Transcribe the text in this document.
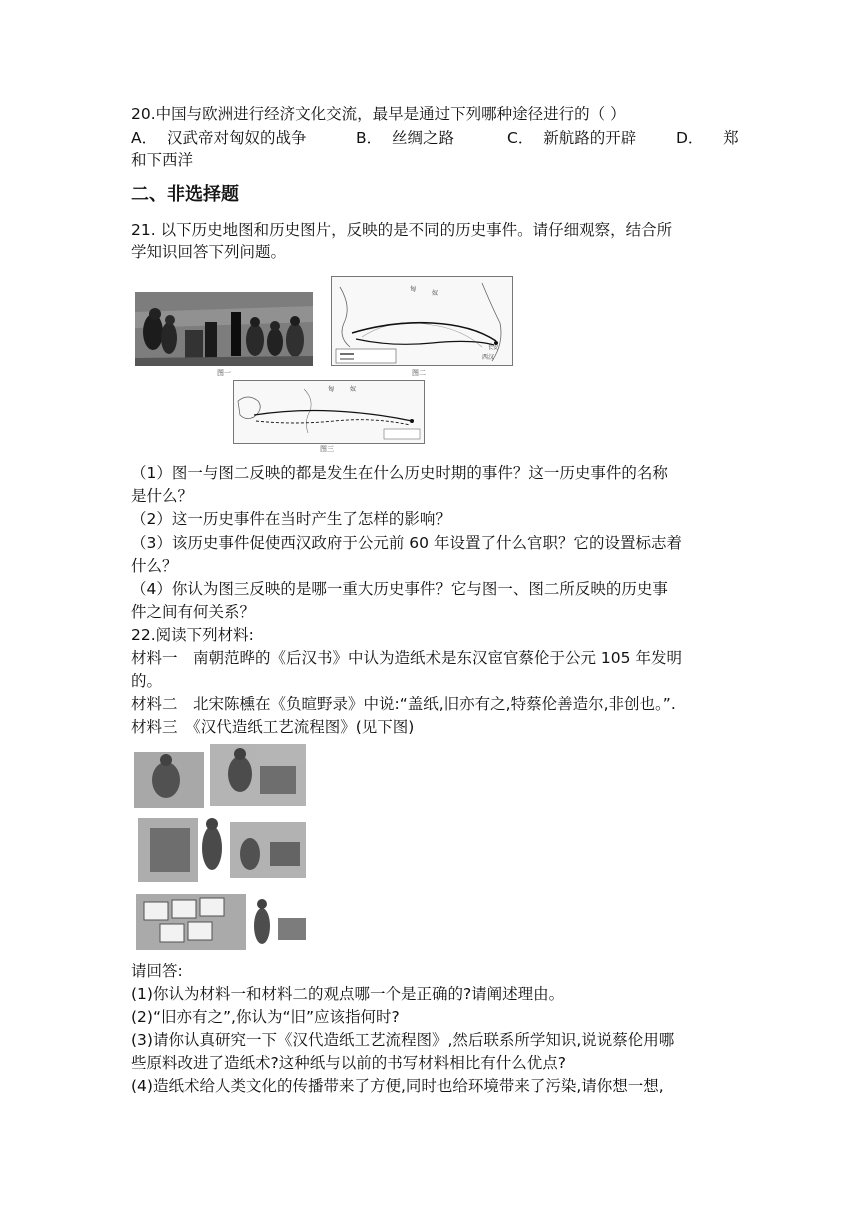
20.中国与欧洲进行经济文化交流，最早是通过下列哪种途径进行的（ ）
A． 汉武帝对匈奴的战争	B． 丝绸之路	C． 新航路的开辟	D． 郑
和下西洋
二、非选择题
21. 以下历史地图和历史图片，反映的是不同的历史事件。请仔细观察，结合所
学知识回答下列问题。
图一
匈
奴
西汉
长安
图二
匈	奴
图三
（1）图一与图二反映的都是发生在什么历史时期的事件？这一历史事件的名称
是什么？
（2）这一历史事件在当时产生了怎样的影响？
（3）该历史事件促使西汉政府于公元前 60 年设置了什么官职？它的设置标志着
什么？
（4）你认为图三反映的是哪一重大历史事件？它与图一、图二所反映的历史事
件之间有何关系？
22.阅读下列材料:
材料一　南朝范晔的《后汉书》中认为造纸术是东汉宦官蔡伦于公元 105 年发明
的。
材料二　北宋陈櫄在《负暄野录》中说:“盖纸,旧亦有之,特蔡伦善造尔,非创也。”.
材料三　《汉代造纸工艺流程图》(见下图)
请回答:
(1)你认为材料一和材料二的观点哪一个是正确的?请阐述理由。
(2)“旧亦有之”,你认为“旧”应该指何时?
(3)请你认真研究一下《汉代造纸工艺流程图》,然后联系所学知识,说说蔡伦用哪
些原料改进了造纸术?这种纸与以前的书写材料相比有什么优点?
(4)造纸术给人类文化的传播带来了方便,同时也给环境带来了污染,请你想一想,
